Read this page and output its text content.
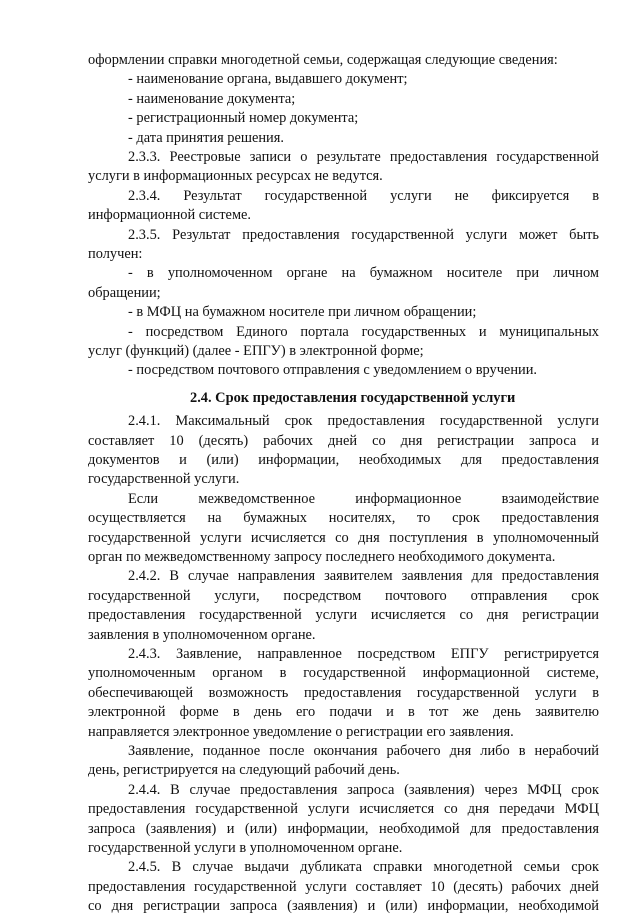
оформлении справки многодетной семьи, содержащая следующие сведения:
- наименование органа, выдавшего документ;
- наименование документа;
- регистрационный номер документа;
- дата принятия решения.
2.3.3. Реестровые записи о результате предоставления государственной
услуги в информационных ресурсах не ведутся.
2.3.4. Результат государственной услуги не фиксируется в
информационной системе.
2.3.5. Результат предоставления государственной услуги может быть
получен:
- в уполномоченном органе на бумажном носителе при личном
обращении;
- в МФЦ на бумажном носителе при личном обращении;
- посредством Единого портала государственных и муниципальных
услуг (функций) (далее - ЕПГУ) в электронной форме;
- посредством почтового отправления с уведомлением о вручении.
2.4. Срок предоставления государственной услуги
2.4.1. Максимальный срок предоставления государственной услуги
составляет 10 (десять) рабочих дней со дня регистрации запроса и
документов и (или) информации, необходимых для предоставления
государственной услуги.
Если межведомственное информационное взаимодействие
осуществляется на бумажных носителях, то срок предоставления
государственной услуги исчисляется со дня поступления в уполномоченный
орган по межведомственному запросу последнего необходимого документа.
2.4.2. В случае направления заявителем заявления для предоставления
государственной услуги, посредством почтового отправления срок
предоставления государственной услуги исчисляется со дня регистрации
заявления в уполномоченном органе.
2.4.3. Заявление, направленное посредством ЕПГУ регистрируется
уполномоченным органом в государственной информационной системе,
обеспечивающей возможность предоставления государственной услуги в
электронной форме в день его подачи и в тот же день заявителю
направляется электронное уведомление о регистрации его заявления.
Заявление, поданное после окончания рабочего дня либо в нерабочий
день, регистрируется на следующий рабочий день.
2.4.4. В случае предоставления запроса (заявления) через МФЦ срок
предоставления государственной услуги исчисляется со дня передачи МФЦ
запроса (заявления) и (или) информации, необходимой для предоставления
государственной услуги в уполномоченном органе.
2.4.5. В случае выдачи дубликата справки многодетной семьи срок
предоставления государственной услуги составляет 10 (десять) рабочих дней
со дня регистрации запроса (заявления) и (или) информации, необходимой
